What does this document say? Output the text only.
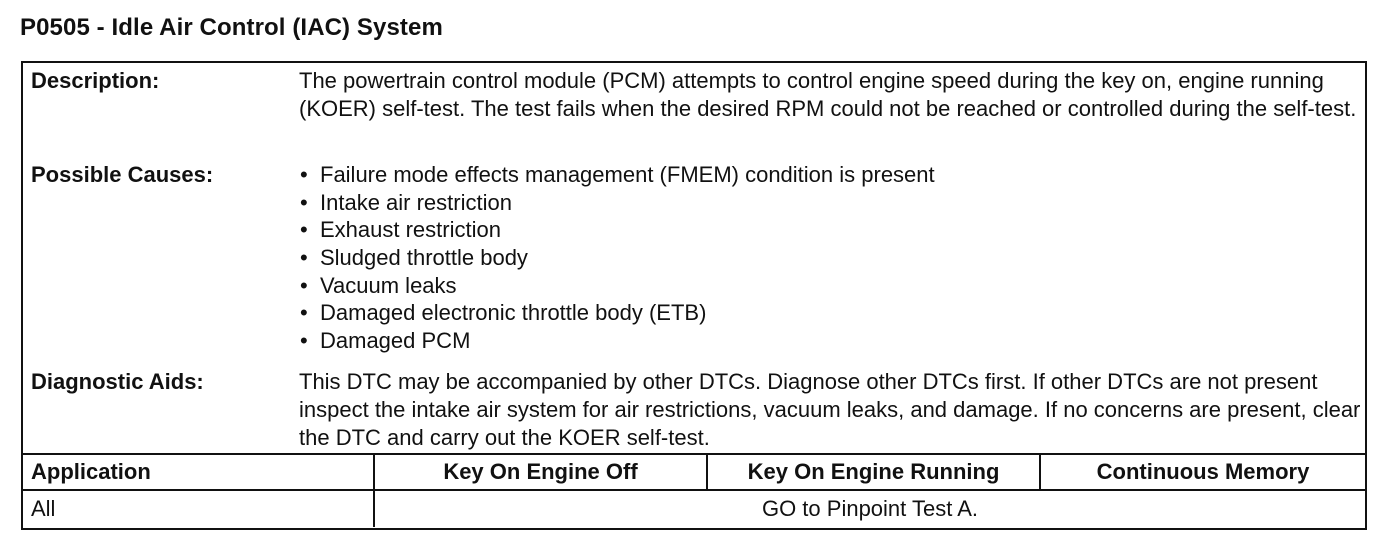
P0505 - Idle Air Control (IAC) System
Description:	The powertrain control module (PCM) attempts to control engine speed during the key on, engine running (KOER) self-test. The test fails when the desired RPM could not be reached or controlled during the self-test.
Possible Causes:	• Failure mode effects management (FMEM) condition is present
• Intake air restriction
• Exhaust restriction
• Sludged throttle body
• Vacuum leaks
• Damaged electronic throttle body (ETB)
• Damaged PCM
Diagnostic Aids:	This DTC may be accompanied by other DTCs. Diagnose other DTCs first. If other DTCs are not present inspect the intake air system for air restrictions, vacuum leaks, and damage. If no concerns are present, clear the DTC and carry out the KOER self-test.
Application	Key On Engine Off	Key On Engine Running	Continuous Memory
All	GO to Pinpoint Test A.		
